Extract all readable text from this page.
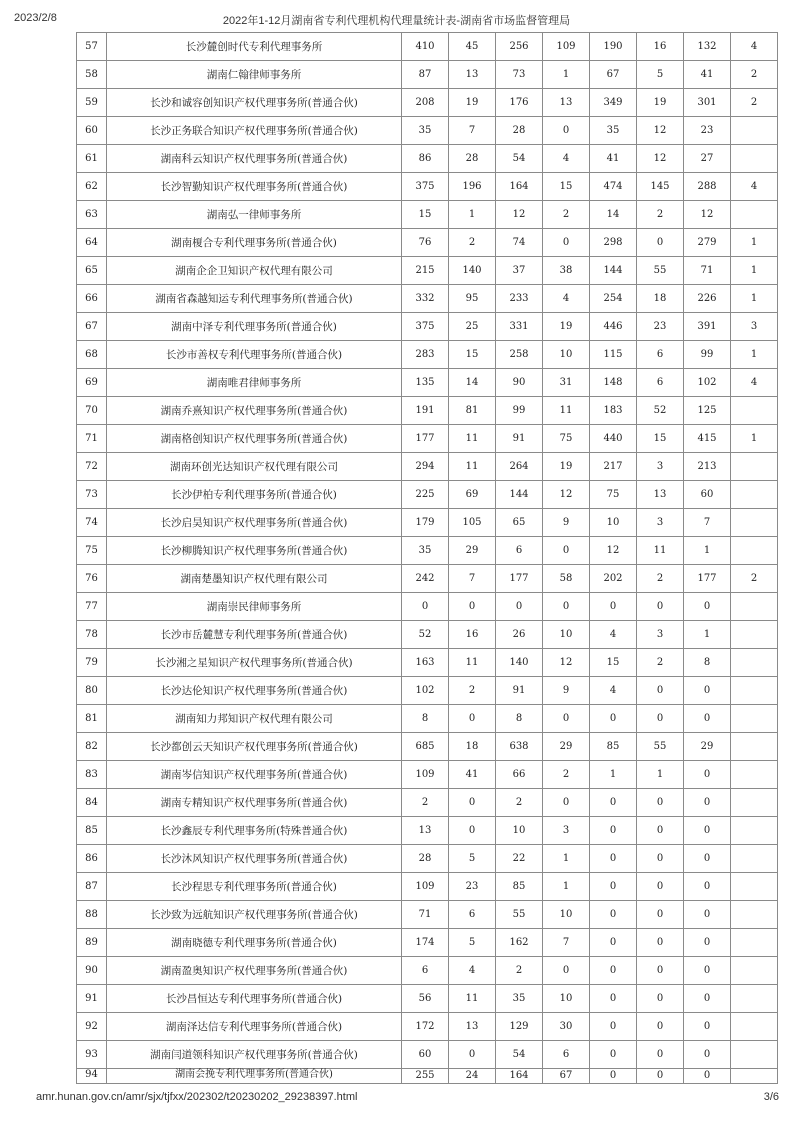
2023/2/8	2022年1-12月湖南省专利代理机构代理量统计表-湖南省市场监督管理局
57	长沙麓创时代专利代理事务所	410	45	256	109	190	16	132	4
58	湖南仁翰律师事务所	87	13	73	1	67	5	41	2
59	长沙和诚容创知识产权代理事务所(普通合伙)	208	19	176	13	349	19	301	2
60	长沙正务联合知识产权代理事务所(普通合伙)	35	7	28	0	35	12	23	
61	湖南科云知识产权代理事务所(普通合伙)	86	28	54	4	41	12	27	
62	长沙智勤知识产权代理事务所(普通合伙)	375	196	164	15	474	145	288	4
63	湖南弘一律师事务所	15	1	12	2	14	2	12	
64	湖南榎合专利代理事务所(普通合伙)	76	2	74	0	298	0	279	1
65	湖南企企卫知识产权代理有限公司	215	140	37	38	144	55	71	1
66	湖南省森越知运专利代理事务所(普通合伙)	332	95	233	4	254	18	226	1
67	湖南中泽专利代理事务所(普通合伙)	375	25	331	19	446	23	391	3
68	长沙市善权专利代理事务所(普通合伙)	283	15	258	10	115	6	99	1
69	湖南唯君律师事务所	135	14	90	31	148	6	102	4
70	湖南乔熹知识产权代理事务所(普通合伙)	191	81	99	11	183	52	125	
71	湖南格创知识产权代理事务所(普通合伙)	177	11	91	75	440	15	415	1
72	湖南环创光达知识产权代理有限公司	294	11	264	19	217	3	213	
73	长沙伊柏专利代理事务所(普通合伙)	225	69	144	12	75	13	60	
74	长沙启昊知识产权代理事务所(普通合伙)	179	105	65	9	10	3	7	
75	长沙柳腾知识产权代理事务所(普通合伙)	35	29	6	0	12	11	1	
76	湖南楚墨知识产权代理有限公司	242	7	177	58	202	2	177	2
77	湖南崇民律师事务所	0	0	0	0	0	0	0	
78	长沙市岳麓慧专利代理事务所(普通合伙)	52	16	26	10	4	3	1	
79	长沙湘之星知识产权代理事务所(普通合伙)	163	11	140	12	15	2	8	
80	长沙达伦知识产权代理事务所(普通合伙)	102	2	91	9	4	0	0	
81	湖南知力邦知识产权代理有限公司	8	0	8	0	0	0	0	
82	长沙都创云天知识产权代理事务所(普通合伙)	685	18	638	29	85	55	29	
83	湖南岑信知识产权代理事务所(普通合伙)	109	41	66	2	1	1	0	
84	湖南专精知识产权代理事务所(普通合伙)	2	0	2	0	0	0	0	
85	长沙鑫辰专利代理事务所(特殊普通合伙)	13	0	10	3	0	0	0	
86	长沙沐风知识产权代理事务所(普通合伙)	28	5	22	1	0	0	0	
87	长沙程思专利代理事务所(普通合伙)	109	23	85	1	0	0	0	
88	长沙致为远航知识产权代理事务所(普通合伙)	71	6	55	10	0	0	0	
89	湖南晓德专利代理事务所(普通合伙)	174	5	162	7	0	0	0	
90	湖南盈奥知识产权代理事务所(普通合伙)	6	4	2	0	0	0	0	
91	长沙昌恒达专利代理事务所(普通合伙)	56	11	35	10	0	0	0	
92	湖南泽达信专利代理事务所(普通合伙)	172	13	129	30	0	0	0	
93	湖南闫道领科知识产权代理事务所(普通合伙)	60	0	54	6	0	0	0	
94	湖南会挽专利代理事务所(普通合伙)	255	24	164	67	0	0	0	
amr.hunan.gov.cn/amr/sjx/tjfxx/202302/t20230202_29238397.html	3/6
